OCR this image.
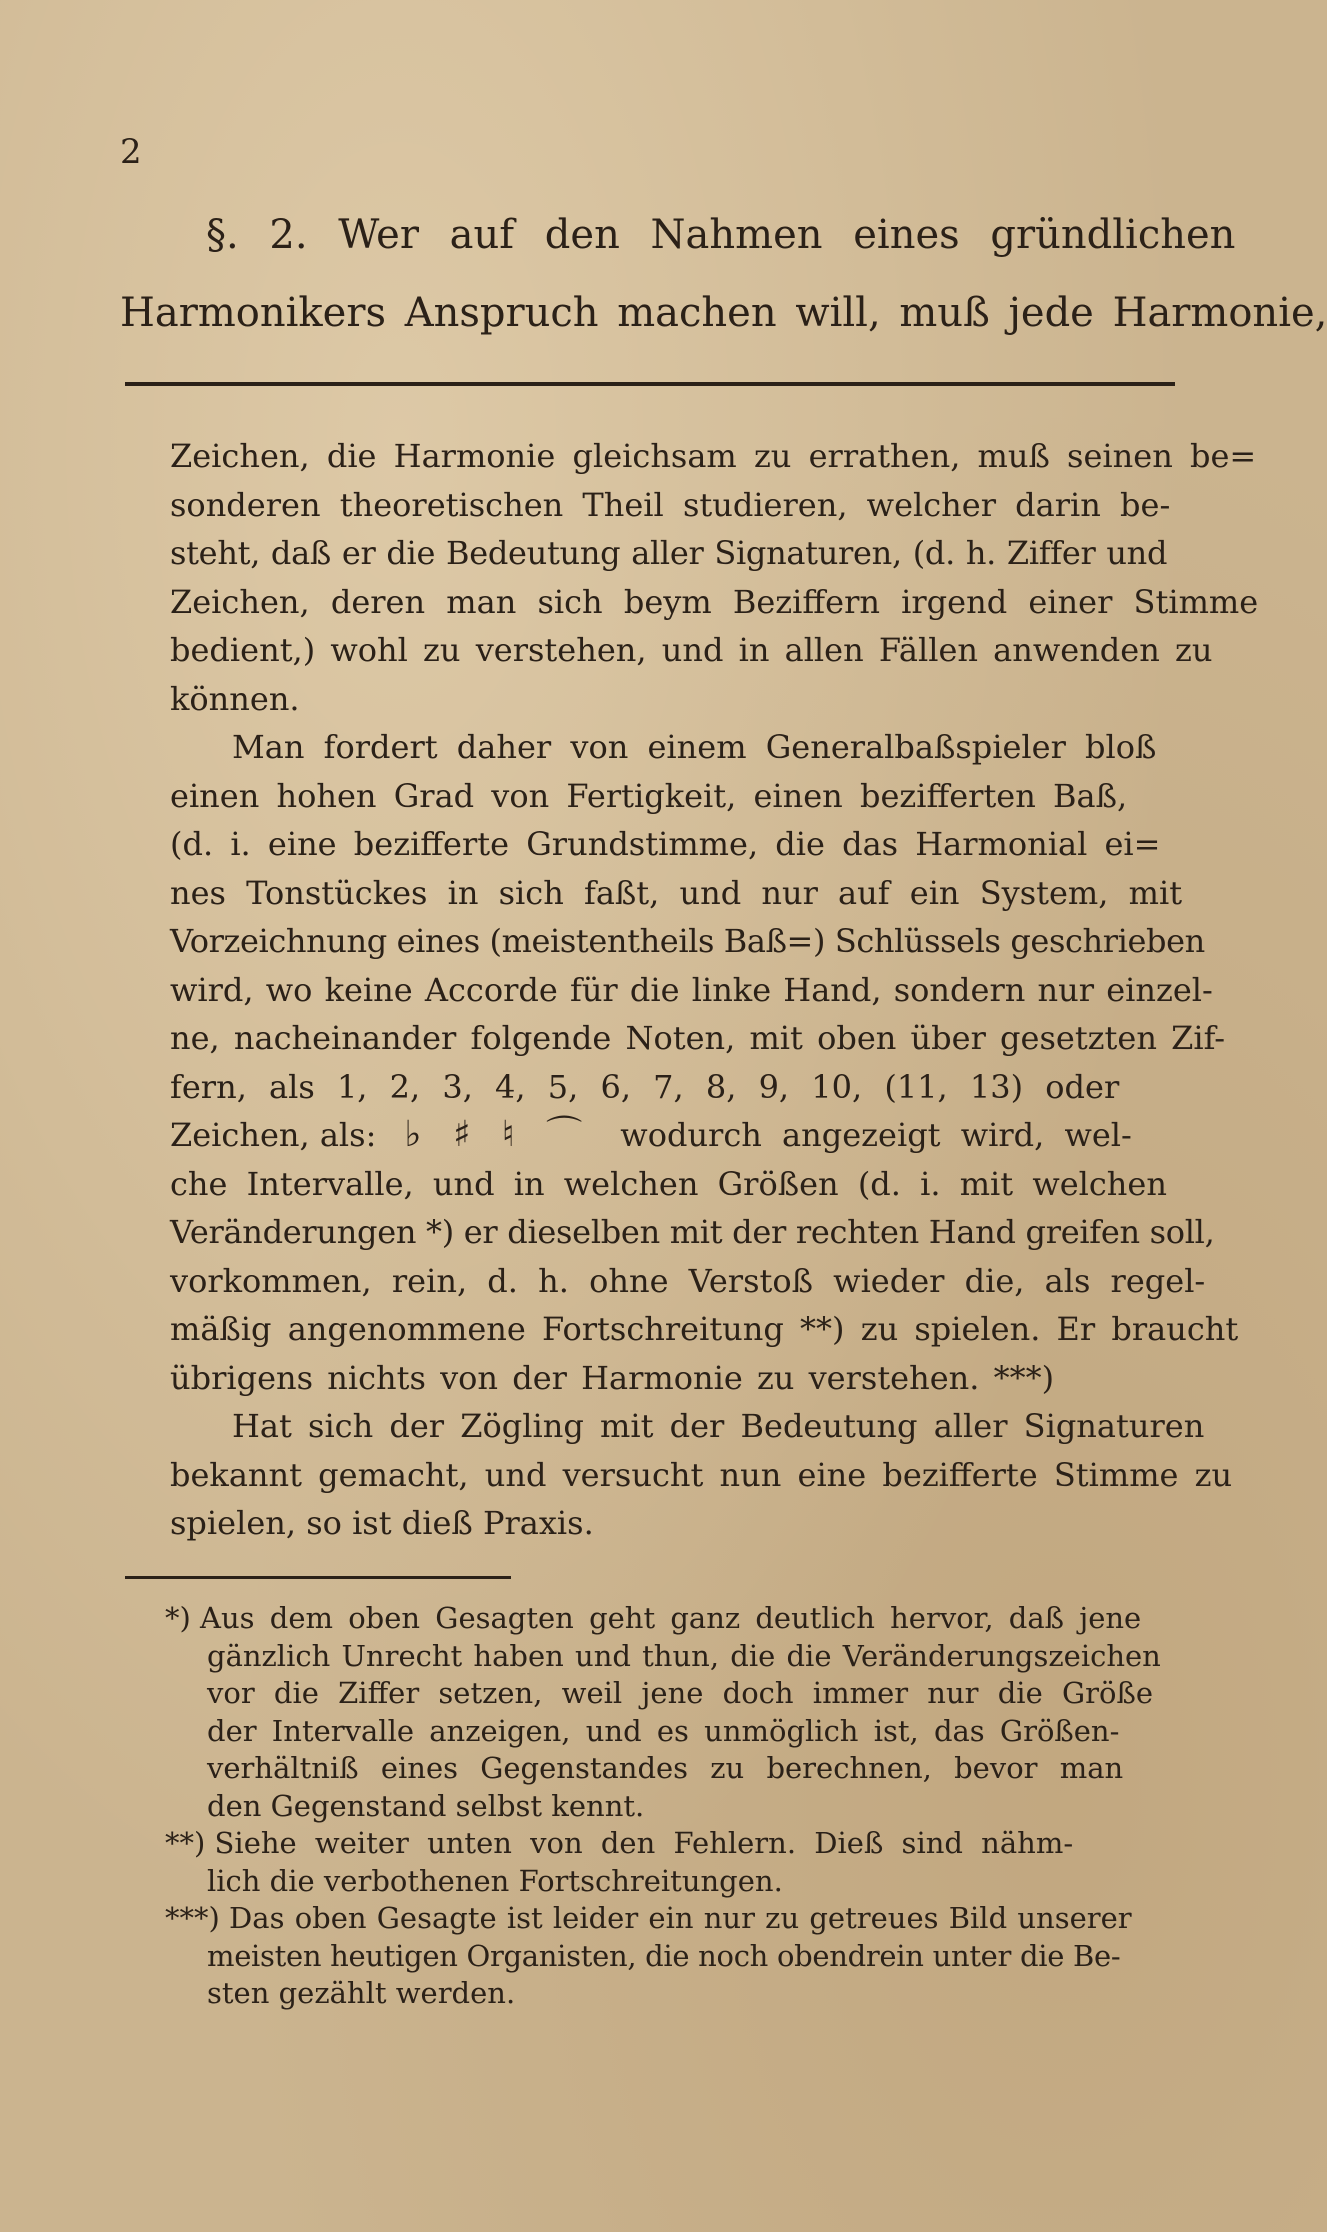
2
§. 2. Wer auf den Nahmen eines gründlichen
Harmonikers Anspruch machen will, muß jede Harmonie,
Zeichen, die Harmonie gleichsam zu errathen, muß seinen be=
sonderen theoretischen Theil studieren, welcher darin be-
steht, daß er die Bedeutung aller Signaturen, (d. h. Ziffer und
Zeichen, deren man sich beym Beziffern irgend einer Stimme
bedient,) wohl zu verstehen, und in allen Fällen anwenden zu
können.
Man fordert daher von einem Generalbaßspieler bloß
einen hohen Grad von Fertigkeit, einen bezifferten Baß,
(d. i. eine bezifferte Grundstimme, die das Harmonial ei=
nes Tonstückes in sich faßt, und nur auf ein System, mit
Vorzeichnung eines (meistentheils Baß=) Schlüssels geschrieben
wird, wo keine Accorde für die linke Hand, sondern nur einzel-
ne, nacheinander folgende Noten, mit oben über gesetzten Zif-
fern, als 1, 2, 3, 4, 5, 6, 7, 8, 9, 10, (11, 13) oder
Zeichen, als: ♭ ♯ ♮ ⌒ wodurch angezeigt wird, wel-
che Intervalle, und in welchen Größen (d. i. mit welchen
Veränderungen *) er dieselben mit der rechten Hand greifen soll,
vorkommen, rein, d. h. ohne Verstoß wieder die, als regel-
mäßig angenommene Fortschreitung **) zu spielen. Er braucht
übrigens nichts von der Harmonie zu verstehen. ***)
Hat sich der Zögling mit der Bedeutung aller Signaturen
bekannt gemacht, und versucht nun eine bezifferte Stimme zu
spielen, so ist dieß Praxis.
*) Aus dem oben Gesagten geht ganz deutlich hervor, daß jene
gänzlich Unrecht haben und thun, die die Veränderungszeichen
vor die Ziffer setzen, weil jene doch immer nur die Größe
der Intervalle anzeigen, und es unmöglich ist, das Größen-
verhältniß eines Gegenstandes zu berechnen, bevor man
den Gegenstand selbst kennt.
**) Siehe weiter unten von den Fehlern. Dieß sind nähm-
lich die verbothenen Fortschreitungen.
***) Das oben Gesagte ist leider ein nur zu getreues Bild unserer
meisten heutigen Organisten, die noch obendrein unter die Be-
sten gezählt werden.
